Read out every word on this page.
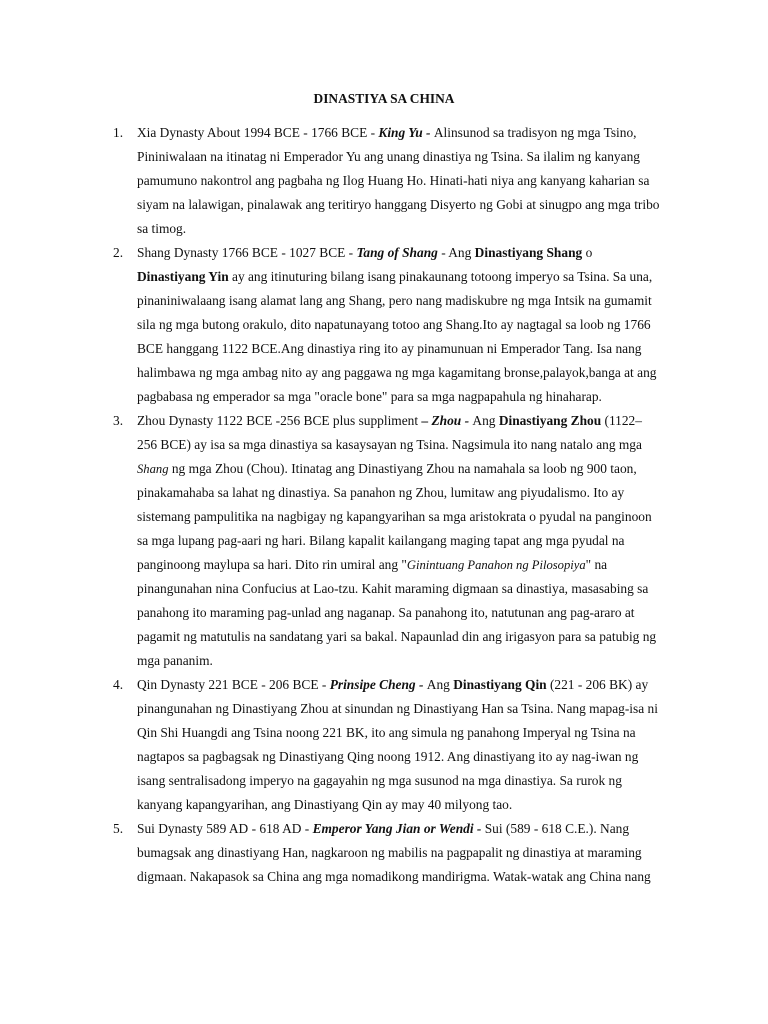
DINASTIYA SA CHINA
1. Xia Dynasty About 1994 BCE - 1766 BCE - King Yu - Alinsunod sa tradisyon ng mga Tsino,
Pininiwalaan na itinatag ni Emperador Yu ang unang dinastiya ng Tsina. Sa ilalim ng kanyang
pamumuno nakontrol ang pagbaha ng Ilog Huang Ho. Hinati-hati niya ang kanyang kaharian sa
siyam na lalawigan, pinalawak ang teritiryo hanggang Disyerto ng Gobi at sinugpo ang mga tribo
sa timog.
2. Shang Dynasty 1766 BCE - 1027 BCE - Tang of Shang - Ang Dinastiyang Shang o
Dinastiyang Yin ay ang itinuturing bilang isang pinakaunang totoong imperyo sa Tsina. Sa una,
pinaniniwalaang isang alamat lang ang Shang, pero nang madiskubre ng mga Intsik na gumamit
sila ng mga butong orakulo, dito napatunayang totoo ang Shang.Ito ay nagtagal sa loob ng 1766
BCE hanggang 1122 BCE.Ang dinastiya ring ito ay pinamunuan ni Emperador Tang. Isa nang
halimbawa ng mga ambag nito ay ang paggawa ng mga kagamitang bronse,palayok,banga at ang
pagbabasa ng emperador sa mga "oracle bone" para sa mga nagpapahula ng hinaharap.
3. Zhou Dynasty 1122 BCE -256 BCE plus suppliment – Zhou - Ang Dinastiyang Zhou (1122–
256 BCE) ay isa sa mga dinastiya sa kasaysayan ng Tsina. Nagsimula ito nang natalo ang mga
Shang ng mga Zhou (Chou). Itinatag ang Dinastiyang Zhou na namahala sa loob ng 900 taon,
pinakamahaba sa lahat ng dinastiya. Sa panahon ng Zhou, lumitaw ang piyudalismo. Ito ay
sistemang pampulitika na nagbigay ng kapangyarihan sa mga aristokrata o pyudal na panginoon
sa mga lupang pag-aari ng hari. Bilang kapalit kailangang maging tapat ang mga pyudal na
panginoong maylupa sa hari. Dito rin umiral ang "Ginintuang Panahon ng Pilosopiya" na
pinangunahan nina Confucius at Lao-tzu. Kahit maraming digmaan sa dinastiya, masasabing sa
panahong ito maraming pag-unlad ang naganap. Sa panahong ito, natutunan ang pag-araro at
pagamit ng matutulis na sandatang yari sa bakal. Napaunlad din ang irigasyon para sa patubig ng
mga pananim.
4. Qin Dynasty 221 BCE - 206 BCE - Prinsipe Cheng - Ang Dinastiyang Qin (221 - 206 BK) ay
pinangunahan ng Dinastiyang Zhou at sinundan ng Dinastiyang Han sa Tsina. Nang mapag-isa ni
Qin Shi Huangdi ang Tsina noong 221 BK, ito ang simula ng panahong Imperyal ng Tsina na
nagtapos sa pagbagsak ng Dinastiyang Qing noong 1912. Ang dinastiyang ito ay nag-iwan ng
isang sentralisadong imperyo na gagayahin ng mga susunod na mga dinastiya. Sa rurok ng
kanyang kapangyarihan, ang Dinastiyang Qin ay may 40 milyong tao.
5. Sui Dynasty 589 AD - 618 AD - Emperor Yang Jian or Wendi - Sui (589 - 618 C.E.). Nang
bumagsak ang dinastiyang Han, nagkaroon ng mabilis na pagpapalit ng dinastiya at maraming
digmaan. Nakapasok sa China ang mga nomadikong mandirigma. Watak-watak ang China nang
